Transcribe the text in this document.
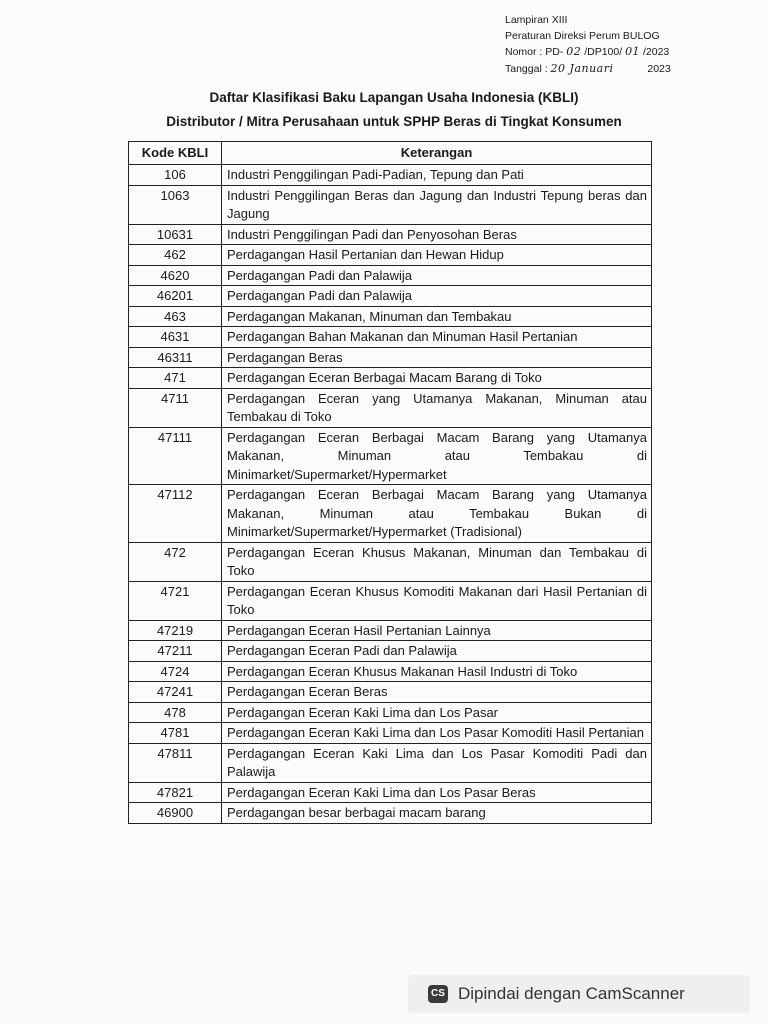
Lampiran XIII
Peraturan Direksi Perum BULOG
Nomor : PD- 02 /DP100/ 01 /2023
Tanggal : 20 Januari	2023
Daftar Klasifikasi Baku Lapangan Usaha Indonesia (KBLI)
Distributor / Mitra Perusahaan untuk SPHP Beras di Tingkat Konsumen
Kode KBLI	Keterangan
106	Industri Penggilingan Padi-Padian, Tepung dan Pati
1063	Industri Penggilingan Beras dan Jagung dan Industri Tepung beras dan Jagung
10631	Industri Penggilingan Padi dan Penyosohan Beras
462	Perdagangan Hasil Pertanian dan Hewan Hidup
4620	Perdagangan Padi dan Palawija
46201	Perdagangan Padi dan Palawija
463	Perdagangan Makanan, Minuman dan Tembakau
4631	Perdagangan Bahan Makanan dan Minuman Hasil Pertanian
46311	Perdagangan Beras
471	Perdagangan Eceran Berbagai Macam Barang di Toko
4711	Perdagangan Eceran yang Utamanya Makanan, Minuman atau Tembakau di Toko
47111	Perdagangan Eceran Berbagai Macam Barang yang Utamanya Makanan, Minuman atau Tembakau di Minimarket/Supermarket/Hypermarket
47112	Perdagangan Eceran Berbagai Macam Barang yang Utamanya Makanan, Minuman atau Tembakau Bukan di Minimarket/Supermarket/Hypermarket (Tradisional)
472	Perdagangan Eceran Khusus Makanan, Minuman dan Tembakau di Toko
4721	Perdagangan Eceran Khusus Komoditi Makanan dari Hasil Pertanian di Toko
47219	Perdagangan Eceran Hasil Pertanian Lainnya
47211	Perdagangan Eceran Padi dan Palawija
4724	Perdagangan Eceran Khusus Makanan Hasil Industri di Toko
47241	Perdagangan Eceran Beras
478	Perdagangan Eceran Kaki Lima dan Los Pasar
4781	Perdagangan Eceran Kaki Lima dan Los Pasar Komoditi Hasil Pertanian
47811	Perdagangan Eceran Kaki Lima dan Los Pasar Komoditi Padi dan Palawija
47821	Perdagangan Eceran Kaki Lima dan Los Pasar Beras
46900	Perdagangan besar berbagai macam barang
CS Dipindai dengan CamScanner
